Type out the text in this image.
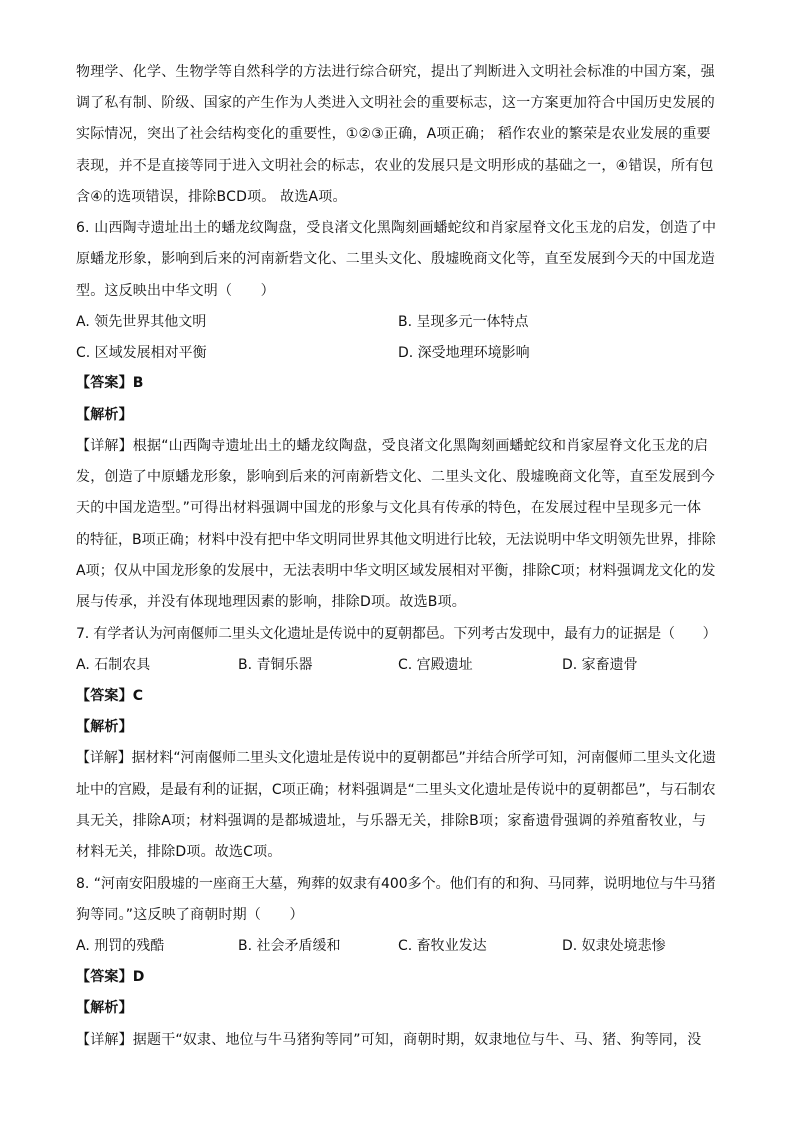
物理学、化学、生物学等自然科学的方法进行综合研究，提出了判断进入文明社会标准的中国方案，强
调了私有制、阶级、国家的产生作为人类进入文明社会的重要标志，这一方案更加符合中国历史发展的
实际情况，突出了社会结构变化的重要性，①②③正确，A项正确； 稻作农业的繁荣是农业发展的重要
表现，并不是直接等同于进入文明社会的标志，农业的发展只是文明形成的基础之一，④错误，所有包
含④的选项错误，排除BCD项。 故选A项。
6. 山西陶寺遗址出土的蟠龙纹陶盘，受良渚文化黑陶刻画蟠蛇纹和肖家屋脊文化玉龙的启发，创造了中
原蟠龙形象，影响到后来的河南新砦文化、二里头文化、殷墟晚商文化等，直至发展到今天的中国龙造
型。这反映出中华文明（　　）
A. 领先世界其他文明	B. 呈现多元一体特点
C. 区域发展相对平衡	D. 深受地理环境影响
【答案】B
【解析】
【详解】根据“山西陶寺遗址出土的蟠龙纹陶盘，受良渚文化黑陶刻画蟠蛇纹和肖家屋脊文化玉龙的启
发，创造了中原蟠龙形象，影响到后来的河南新砦文化、二里头文化、殷墟晚商文化等，直至发展到今
天的中国龙造型。”可得出材料强调中国龙的形象与文化具有传承的特色，在发展过程中呈现多元一体
的特征，B项正确；材料中没有把中华文明同世界其他文明进行比较，无法说明中华文明领先世界，排除
A项；仅从中国龙形象的发展中，无法表明中华文明区域发展相对平衡，排除C项；材料强调龙文化的发
展与传承，并没有体现地理因素的影响，排除D项。故选B项。
7. 有学者认为河南偃师二里头文化遗址是传说中的夏朝都邑。下列考古发现中，最有力的证据是（　　）
A. 石制农具	B. 青铜乐器	C. 宫殿遗址	D. 家畜遗骨
【答案】C
【解析】
【详解】据材料“河南偃师二里头文化遗址是传说中的夏朝都邑”并结合所学可知，河南偃师二里头文化遗
址中的宫殿，是最有利的证据，C项正确；材料强调是“二里头文化遗址是传说中的夏朝都邑”，与石制农
具无关，排除A项；材料强调的是都城遗址，与乐器无关，排除B项；家畜遗骨强调的养殖畜牧业，与
材料无关，排除D项。故选C项。
8. “河南安阳殷墟的一座商王大墓，殉葬的奴隶有400多个。他们有的和狗、马同葬，说明地位与牛马猪
狗等同。”这反映了商朝时期（　　）
A. 刑罚的残酷	B. 社会矛盾缓和	C. 畜牧业发达	D. 奴隶处境悲惨
【答案】D
【解析】
【详解】据题干“奴隶、地位与牛马猪狗等同”可知，商朝时期，奴隶地位与牛、马、猪、狗等同，没
